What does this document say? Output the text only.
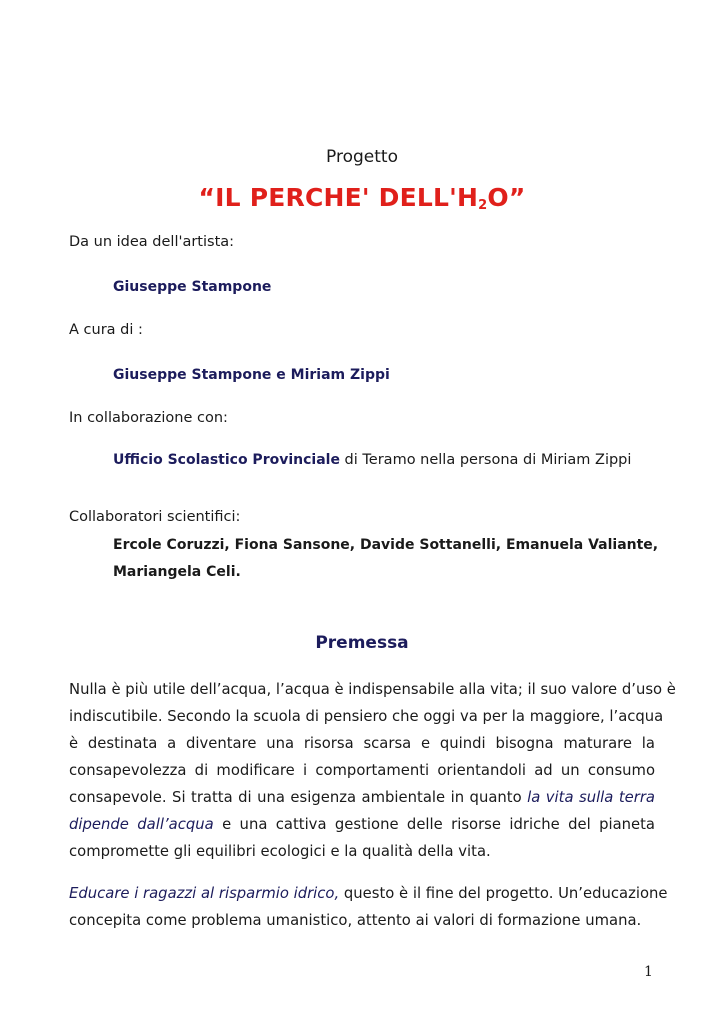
Progetto
“IL PERCHE' $DELL'H_2O$”
Da un idea dell'artista:
Giuseppe Stampone
A cura di :
Giuseppe Stampone e Miriam Zippi
In collaborazione con:
Ufficio Scolastico Provinciale di Teramo nella persona di Miriam Zippi
Collaboratori scientifici:
Ercole Coruzzi, Fiona Sansone, Davide Sottanelli, Emanuela Valiante,
Mariangela Celi.
Premessa
Nulla è più utile dell’acqua, l’acqua è indispensabile alla vita; il suo valore d’uso è
indiscutibile. Secondo la scuola di pensiero che oggi va per la maggiore, l’acqua
è destinata a diventare una risorsa scarsa e quindi bisogna maturare la
consapevolezza di modificare i comportamenti orientandoli ad un consumo
consapevole. Si tratta di una esigenza ambientale in quanto la vita sulla terra
dipende dall’acqua e una cattiva gestione delle risorse idriche del pianeta
compromette gli equilibri ecologici e la qualità della vita.
Educare i ragazzi al risparmio idrico, questo è il fine del progetto. Un’educazione
concepita come problema umanistico, attento ai valori di formazione umana.
1
